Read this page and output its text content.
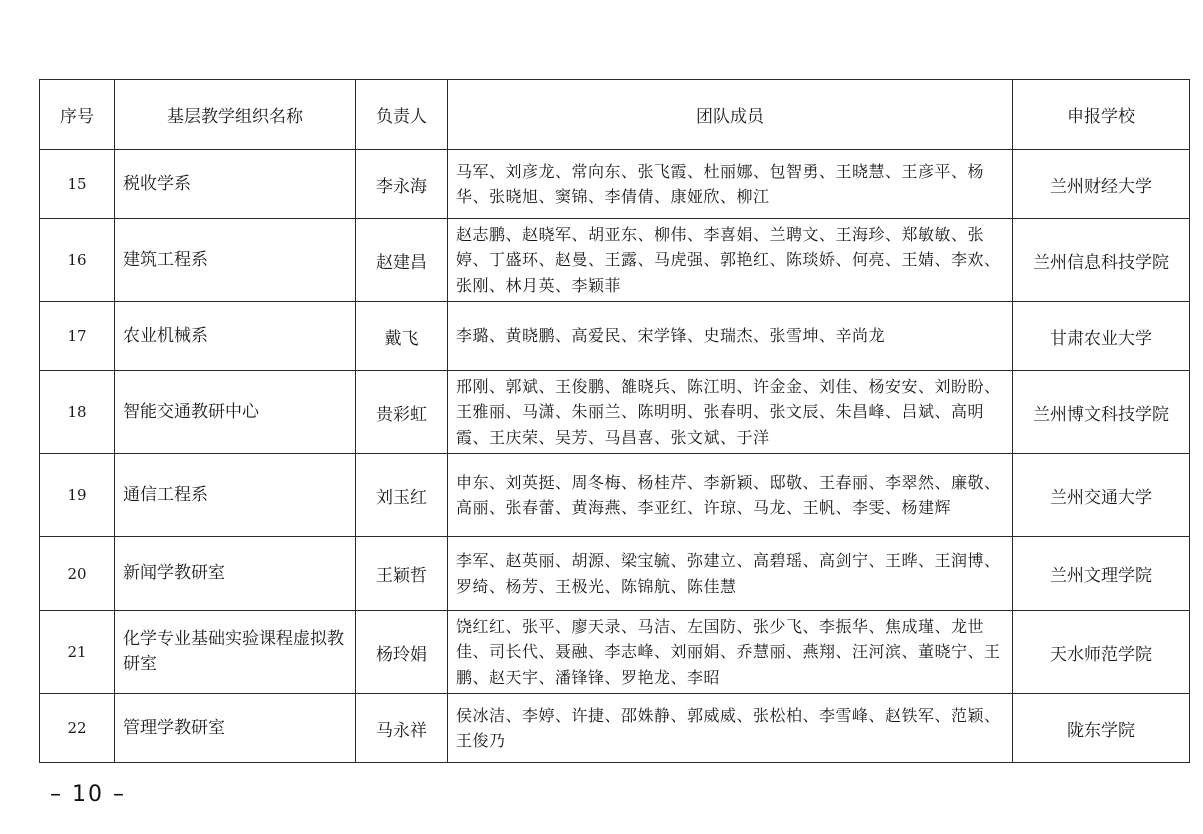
序号	基层教学组织名称	负责人	团队成员	申报学校
15	税收学系	李永海	马军、刘彦龙、常向东、张飞霞、杜丽娜、包智勇、王晓慧、王彦平、杨华、张晓旭、窦锦、李倩倩、康娅欣、柳江	兰州财经大学
16	建筑工程系	赵建昌	赵志鹏、赵晓军、胡亚东、柳伟、李喜娟、兰聘文、王海珍、郑敏敏、张婷、丁盛环、赵曼、王露、马虎强、郭艳红、陈琰娇、何亮、王婧、李欢、张刚、林月英、李颖菲	兰州信息科技学院
17	农业机械系	戴飞	李璐、黄晓鹏、高爱民、宋学锋、史瑞杰、张雪坤、辛尚龙	甘肃农业大学
18	智能交通教研中心	贵彩虹	邢刚、郭斌、王俊鹏、雒晓兵、陈江明、许金金、刘佳、杨安安、刘盼盼、王雅丽、马潇、朱丽兰、陈明明、张春明、张文辰、朱昌峰、吕斌、高明霞、王庆荣、吴芳、马昌喜、张文斌、于洋	兰州博文科技学院
19	通信工程系	刘玉红	申东、刘英挺、周冬梅、杨桂芹、李新颖、邸敬、王春丽、李翠然、廉敬、高丽、张春蕾、黄海燕、李亚红、许琼、马龙、王帆、李雯、杨建辉	兰州交通大学
20	新闻学教研室	王颖哲	李军、赵英丽、胡源、梁宝毓、弥建立、高碧瑶、高剑宁、王晔、王润博、罗绮、杨芳、王极光、陈锦航、陈佳慧	兰州文理学院
21	化学专业基础实验课程虚拟教研室	杨玲娟	饶红红、张平、廖天录、马洁、左国防、张少飞、李振华、焦成瑾、龙世佳、司长代、聂融、李志峰、刘丽娟、乔慧丽、燕翔、汪河滨、董晓宁、王鹏、赵天宇、潘锋锋、罗艳龙、李昭	天水师范学院
22	管理学教研室	马永祥	侯冰洁、李婷、许捷、邵姝静、郭威威、张松柏、李雪峰、赵铁军、范颖、王俊乃	陇东学院
– 10 –
